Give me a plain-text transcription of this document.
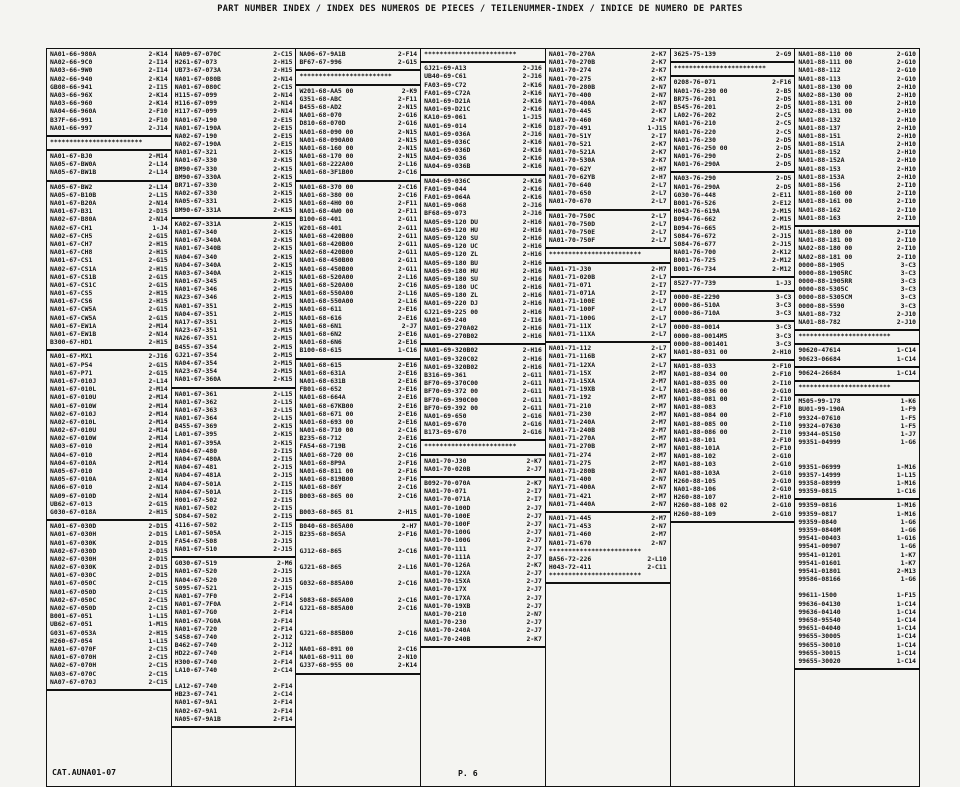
PART NUMBER INDEX / INDEX DES NUMEROS DE PIECES / TEILENUMMER-INDEX / INDICE DE NUMERO DE PARTES
NA01-66-980A	2-K14
NA02-66-9C0	2-I14
NA03-66-9W0	2-I14
NA02-66-940	2-K14
GB08-66-941	2-I15
NA03-66-96X	2-K14
NA03-66-960	2-K14
NA04-66-960A	2-F10
B37F-66-991	2-F10
NA01-66-997	2-J14
************************
NA01-67-BJ0	2-M14
NA05-67-BW0A	2-L14
NA05-67-BW1B	2-L14
NA05-67-BW2	2-L14
NA05-67-B10B	2-L15
NA01-67-B20A	2-N14
NA01-67-B31	2-D15
NA02-67-B80A	2-N14
NA02-67-CH1	1-J4
NA02-67-CH5	2-G15
NA01-67-CH7	2-H15
NA01-67-CH8	2-H15
NA01-67-CS1	2-G15
NA02-67-CS1A	2-H15
NA01-67-CS1B	2-G15
NA01-67-CS1C	2-G15
NA01-67-CS5	2-H15
NA01-67-CS6	2-H15
NA01-67-CW5A	2-G15
NA01-67-CW5A	2-G15
NA01-67-EW1A	2-M14
NA01-67-EW1B	2-N14
B300-67-HD1	2-H15
NA01-67-MX1	2-J16
NA01-67-P54	2-G15
NA01-67-P71	2-G15
NA01-67-010J	2-L14
NA01-67-010L	2-M14
NA01-67-010U	2-M14
NA01-67-010W	2-M14
NA02-67-010J	2-M14
NA02-67-010L	2-M14
NA02-67-010U	2-M14
NA02-67-010W	2-M14
NA03-67-010	2-M14
NA04-67-010	2-M14
NA04-67-010A	2-M14
NA05-67-010	2-N14
NA05-67-010A	2-N14
NA06-67-010	2-N14
NA09-67-010D	2-N14
UB62-67-013	2-G15
G030-67-018A	2-H15
NA01-67-030D	2-D15
NA01-67-030H	2-D15
NA01-67-030K	2-D15
NA02-67-030D	2-D15
NA02-67-030H	2-D15
NA02-67-030K	2-D15
NA01-67-030C	2-D15
NA01-67-050C	2-C15
NA01-67-050D	2-C15
NA02-67-050C	2-C15
NA02-67-050D	2-C15
B001-67-051	1-L15
UB62-67-051	1-M15
G031-67-053A	2-H15
H260-67-054	1-L15
NA01-67-070F	2-C15
NA01-67-070H	2-C15
NA02-67-070H	2-C15
NA03-67-070C	2-C15
NA07-67-070J	2-C15
NA09-67-070C	2-C15
H261-67-073	2-H15
UB73-67-073A	2-H15
NA01-67-080B	2-N14
NA01-67-080C	2-C15
H115-67-099	2-N14
H116-67-099	2-N14
H117-67-099	2-N14
NA01-67-190	2-E15
NA01-67-190A	2-E15
NA02-67-190	2-E15
NA02-67-190A	2-E15
NA01-67-321	2-K15
NA01-67-330	2-K15
BM90-67-330	2-K15
BM90-67-330A	2-K15
BR71-67-330	2-K15
NA02-67-330	2-K15
NA05-67-331	2-K15
BM90-67-331A	2-K15
KA02-67-331A	2-K15
NA01-67-340	2-K15
NA01-67-340A	2-K15
NA01-67-340B	2-K15
NA04-67-340	2-K15
NA04-67-340A	2-K15
NA03-67-340A	2-K15
NA01-67-345	2-M15
NA01-67-346	2-M15
NA23-67-346	2-M15
NA01-67-351	2-M15
NA04-67-351	2-M15
NA17-67-351	2-M15
NA23-67-351	2-M15
NA26-67-351	2-M15
B455-67-354	2-M15
GJ21-67-354	2-M15
NA04-67-354	2-M15
NA23-67-354	2-M15
NA01-67-360A	2-K15
NA01-67-361	2-L15
NA01-67-362	2-L15
NA01-67-363	2-L15
NA01-67-364	2-L15
B455-67-369	2-K15
LA01-67-395	2-K15
NA01-67-395A	2-K15
NA04-67-480	2-I15
NA04-67-480A	2-I15
NA04-67-481	2-J15
NA04-67-481A	2-J15
NA04-67-501A	2-I15
NA04-67-501A	2-I15
H001-67-502	2-I15
NA01-67-502	2-I15
SD84-67-502	2-I15
4116-67-502	2-I15
LA01-67-505A	2-J15
FA54-67-508	2-J15
NA01-67-510	2-J15
G030-67-519	2-M6
NA01-67-520	2-J15
NA04-67-520	2-J15
S095-67-521	2-J15
NA01-67-7F0	2-F14
NA01-67-7F0A	2-F14
NA01-67-7G0	2-F14
NA01-67-7G0A	2-F14
NA01-67-720	2-F14
S458-67-740	2-J12
B462-67-740	2-J12
HD22-67-740	2-F14
H300-67-740	2-F14
LA10-67-740	2-C14
LA12-67-740	2-F14
HB23-67-741	2-C14
NA01-67-9A1	2-F14
NA02-67-9A1	2-F14
NA05-67-9A1B	2-F14
NA06-67-9A1B	2-F14
BF67-67-996	2-G15
************************
W201-68-AA5 00	2-K9
G351-68-ABC	2-F11
B455-68-AD2	2-N15
NA01-68-070	2-G16
D810-68-070D	2-G16
NA01-68-090 00	2-N15
NA01-68-090A00	2-N15
NA01-68-160 00	2-N15
NA01-68-170 00	2-N15
NA01-68-222A00	2-L16
NA01-68-3F1B00	2-C16
NA01-68-370 00	2-C16
NA01-68-380 00	2-C16
NA01-68-4H0 00	2-F11
NA01-68-4W0 00	2-F11
B100-68-401	2-G11
W201-68-401	2-G11
NA01-68-420B00	2-G11
NA01-68-420B00	2-G11
NA02-68-420B00	2-G11
NA01-68-450B00	2-G11
NA01-68-450B00	2-G11
NA01-68-520A00	2-L16
NA01-68-520A00	2-C16
NA01-68-550A00	2-L16
NA01-68-550A00	2-L16
NA01-68-611	2-E16
NA01-68-616	2-E16
NA01-68-6N1	2-J7
NA01-68-6N2	2-E16
NA01-68-6N6	2-E16
B100-68-615	1-C16
NA01-68-615	2-E16
NA01-68-631A	2-E16
NA01-68-631B	2-E16
FB01-68-652	2-E16
NA01-68-664A	2-E16
NA01-68-67KB00	2-E16
NA01-68-671 00	2-E16
NA01-68-693 00	2-E16
NA01-68-710 00	2-C16
B235-68-712	2-E16
FA54-68-719B	2-C16
NA01-68-720 00	2-C16
NA01-68-8P9A	2-F16
NA01-68-811 00	2-F16
NA01-68-819B00	2-F16
NA01-68-86Y	2-C16
B003-68-865 00	2-C16
B003-68-865 81	2-H15
B040-68-865A00	2-H7
B235-68-865A	2-F16
GJ12-68-865	2-C16
GJ21-68-865	2-L16
G032-68-885A00	2-C16
S083-68-865A00	2-C16
GJ21-68-885A00	2-C16
GJ21-68-885B00	2-C16
NA01-68-891 00	2-C16
NA01-68-911 00	2-N10
GJ37-68-955 00	2-K14
************************
GJ21-69-A13	2-J16
UB40-69-C61	2-J16
FA03-69-C72	2-K16
FA01-69-C72A	2-K16
NA01-69-D21A	2-K16
NA01-69-D21C	2-K16
KA10-69-061	1-J15
NA01-69-014	2-K16
NA01-69-036A	2-J16
NA01-69-036C	2-K16
NA01-69-036D	2-K16
NA04-69-036	2-K16
NA04-69-036B	2-K16
NA04-69-036C	2-K16
FA01-69-044	2-K16
FA01-69-064A	2-K16
NA01-69-068	2-J16
BF68-69-073	2-J16
NA05-69-120 DU	2-H16
NA05-69-120 HU	2-H16
NA05-69-120 SU	2-H16
NA05-69-120 UC	2-H16
NA05-69-120 ZL	2-H16
NA05-69-180 BU	2-H16
NA05-69-180 HU	2-H16
NA05-69-180 SU	2-H16
NA05-69-180 UC	2-H16
NA05-69-180 ZL	2-H16
NA01-69-220 DJ	2-H16
GJ21-69-225 00	2-H16
NA01-69-240	2-I16
NA01-69-270A02	2-H16
NA01-69-270B02	2-H16
NA01-69-320B02	2-H16
NA01-69-320C02	2-H16
NA01-69-320B02	2-H16
B316-69-361	2-G11
BF70-69-370C00	2-G11
BF70-69-372 00	2-G11
BF70-69-390C00	2-G11
BF70-69-392 00	2-G11
NA01-69-650	2-G16
NA01-69-670	2-G16
B173-69-670	2-G16
************************
NA01-70-J30	2-K7
NA01-70-020B	2-J7
B092-70-070A	2-K7
NA01-70-071	2-I7
NA01-70-071A	2-I7
NA01-70-100D	2-J7
NA01-70-100E	2-J7
NA01-70-100F	2-J7
NA01-70-100G	2-J7
NA01-70-100G	2-J7
NA01-70-111	2-J7
NA01-70-111A	2-J7
NA01-70-126A	2-K7
NA01-70-12XA	2-J7
NA01-70-15XA	2-J7
NA01-70-17X	2-J7
NA01-70-17XA	2-J7
NA01-70-19XB	2-J7
NA01-70-210	2-N7
NA01-70-230	2-J7
NA01-70-240A	2-J7
NA01-70-240B	2-K7
NA01-70-270A	2-K7
NA01-70-270B	2-K7
NA01-70-274	2-K7
NA01-70-275	2-K7
NA01-70-280B	2-N7
NAY1-70-400	2-N7
NAY1-70-400A	2-N7
NA01-70-445	2-K7
NA01-70-460	2-K7
D187-70-491	1-J15
NA01-70-51Y	2-I7
NA01-70-521	2-K7
NA01-70-521A	2-K7
NA01-70-530A	2-K7
NA01-70-62Y	2-H7
NA01-70-62YB	2-H7
NA01-70-640	2-L7
NA01-70-650	2-L7
NA01-70-670	2-L7
NA01-70-750C	2-L7
NA01-70-750D	2-L7
NA01-70-750E	2-L7
NA01-70-750F	2-L7
************************
NA01-71-J30	2-M7
NA01-71-020B	2-L7
NA01-71-071	2-I7
NA01-71-071A	2-I7
NA01-71-100E	2-L7
NA01-71-100F	2-L7
NA01-71-100G	2-L7
NA01-71-11X	2-L7
NA01-71-11XA	2-L7
NA01-71-112	2-L7
NA01-71-116B	2-K7
NA01-71-12XA	2-L7
NA01-71-15X	2-M7
NA01-71-15XA	2-M7
NA01-71-19XB	2-L7
NA01-71-192	2-M7
NA01-71-210	2-M7
NA01-71-230	2-M7
NA01-71-240A	2-M7
NA01-71-240B	2-M7
NA01-71-270A	2-M7
NA01-71-270B	2-M7
NA01-71-274	2-M7
NA01-71-275	2-M7
NA01-71-280B	2-N7
NA01-71-400	2-N7
NAY1-71-400A	2-N7
NA01-71-421	2-M7
NA01-71-440A	2-N7
NA01-71-445	2-M7
NAC1-71-453	2-N7
NA01-71-460	2-M7
NA01-71-670	2-N7
************************
BA56-72-226	2-L10
H043-72-411	2-C11
************************
3625-75-139	2-G9
************************
0208-76-071	2-F16
NA01-76-230 00	2-B5
BR75-76-201	2-D5
B545-76-201	2-D5
LA02-76-202	2-C5
NA01-76-210	2-C5
NA01-76-220	2-C5
NA01-76-230	2-D5
NA01-76-250 00	2-D5
NA01-76-290	2-D5
NA01-76-290A	2-D5
NA03-76-290	2-D5
NA01-76-290A	2-D5
G030-76-448	2-E11
B001-76-526	2-E12
H043-76-619A	2-M15
B094-76-662	2-M15
B094-76-665	2-M15
S084-76-672	2-J15
S084-76-677	2-J15
NA01-76-700	2-K12
B001-76-725	2-M12
B001-76-734	2-M12
8527-77-739	1-J3
0000-8E-2290	3-C3
0000-86-510A	3-C3
0000-86-710A	3-C3
0000-88-0014	3-C3
0000-88-0014M5	3-C3
0000-88-001401	3-C3
NA01-88-031 00	2-H10
NA01-88-033	2-F10
NA01-88-034 00	2-F10
NA01-88-035 00	2-I10
NA01-88-036 00	2-G10
NA01-88-081 00	2-I10
NA01-88-083	2-F10
NA01-88-084 00	2-F10
NA01-88-085 00	2-I10
NA01-88-086 00	2-I10
NA01-88-101	2-F10
NA01-88-101A	2-F10
NA01-88-102	2-G10
NA01-88-103	2-G10
NA01-88-103A	2-G10
H260-88-105	2-G10
NA01-88-106	2-G10
H260-88-107	2-H10
H260-88-108 02	2-G10
H260-88-109	2-G10
NA01-88-110 00	2-G10
NA01-88-111 00	2-G10
NA01-88-112	2-G10
NA01-88-113	2-G10
NA01-88-130 00	2-H10
NA02-88-130 00	2-H10
NA01-88-131 00	2-H10
NA02-88-131 00	2-H10
NA01-88-132	2-H10
NA01-88-137	2-H10
NA01-88-151	2-H10
NA01-88-151A	2-H10
NA01-88-152	2-H10
NA01-88-152A	2-H10
NA01-88-153	2-H10
NA01-88-153A	2-H10
NA01-88-156	2-I10
NA01-88-160 00	2-I10
NA01-88-161 00	2-I10
NA01-88-162	2-I10
NA01-88-163	2-I10
NA01-88-180 00	2-I10
NA01-88-181 00	2-I10
NA02-88-180 00	2-I10
NA02-88-181 00	2-I10
0000-88-1905	3-C3
0000-88-1905RC	3-C3
0000-88-1905RR	3-C3
0000-88-5305C	3-C3
0000-88-5305CM	3-C3
0000-88-5590	3-C3
NA01-88-732	2-J10
NA01-88-782	2-J10
************************
90620-47614	1-C14
90623-06684	1-C14
90624-26684	1-C14
************************
M505-99-178	1-K6
BU01-99-190A	1-F9
99324-07610	1-F5
99324-07630	1-F5
99344-05150	1-J7
99351-04999	1-G6
99351-06999	1-M16
99357-14999	1-L15
99358-08999	1-M16
99359-0815	1-C16
99359-0816	1-M16
99359-0817	1-M16
99359-0840	1-G6
99359-0840M	1-G6
99541-00403	1-G16
99541-00907	1-G6
99541-01201	1-K7
99541-01601	1-K7
99541-01801	2-M13
99586-08166	1-G6
99611-1500	1-F15
99636-04130	1-C14
99636-04140	1-C14
99658-95540	1-C14
99651-04040	1-C14
99655-30005	1-C14
99655-30010	1-C14
99655-30015	1-C14
99655-30020	1-C14
CAT.AUNA01-07	P. 6
